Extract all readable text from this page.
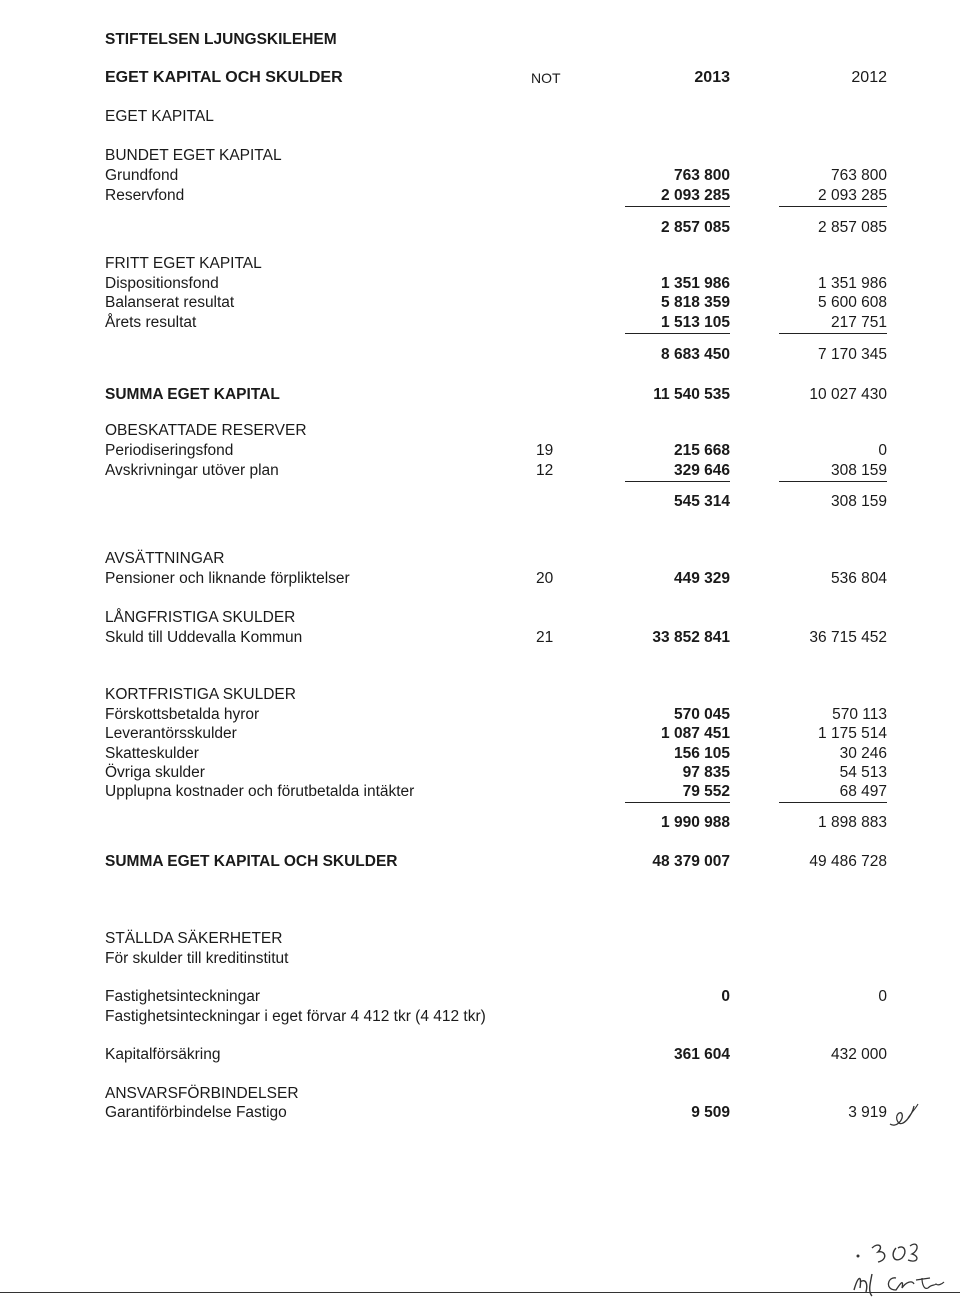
STIFTELSEN LJUNGSKILEHEM
EGET KAPITAL OCH SKULDER	NOT	2013	2012
EGET KAPITAL
BUNDET EGET KAPITAL
Grundfond	763 800	763 800
Reservfond	2 093 285	2 093 285
2 857 085	2 857 085
FRITT EGET KAPITAL
Dispositionsfond	1 351 986	1 351 986
Balanserat resultat	5 818 359	5 600 608
Årets resultat	1 513 105	217 751
8 683 450	7 170 345
SUMMA EGET KAPITAL	11 540 535	10 027 430
OBESKATTADE RESERVER
Periodiseringsfond	19	215 668	0
Avskrivningar utöver plan	12	329 646	308 159
545 314	308 159
AVSÄTTNINGAR
Pensioner och liknande förpliktelser	20	449 329	536 804
LÅNGFRISTIGA SKULDER
Skuld till Uddevalla Kommun	21	33 852 841	36 715 452
KORTFRISTIGA SKULDER
Förskottsbetalda hyror	570 045	570 113
Leverantörsskulder	1 087 451	1 175 514
Skatteskulder	156 105	30 246
Övriga skulder	97 835	54 513
Upplupna kostnader och förutbetalda intäkter	79 552	68 497
1 990 988	1 898 883
SUMMA EGET KAPITAL OCH SKULDER	48 379 007	49 486 728
STÄLLDA SÄKERHETER
För skulder till kreditinstitut
Fastighetsinteckningar	0	0
Fastighetsinteckningar i eget förvar 4 412 tkr (4 412 tkr)
Kapitalförsäkring	361 604	432 000
ANSVARSFÖRBINDELSER
Garantiförbindelse Fastigo	9 509	3 919
